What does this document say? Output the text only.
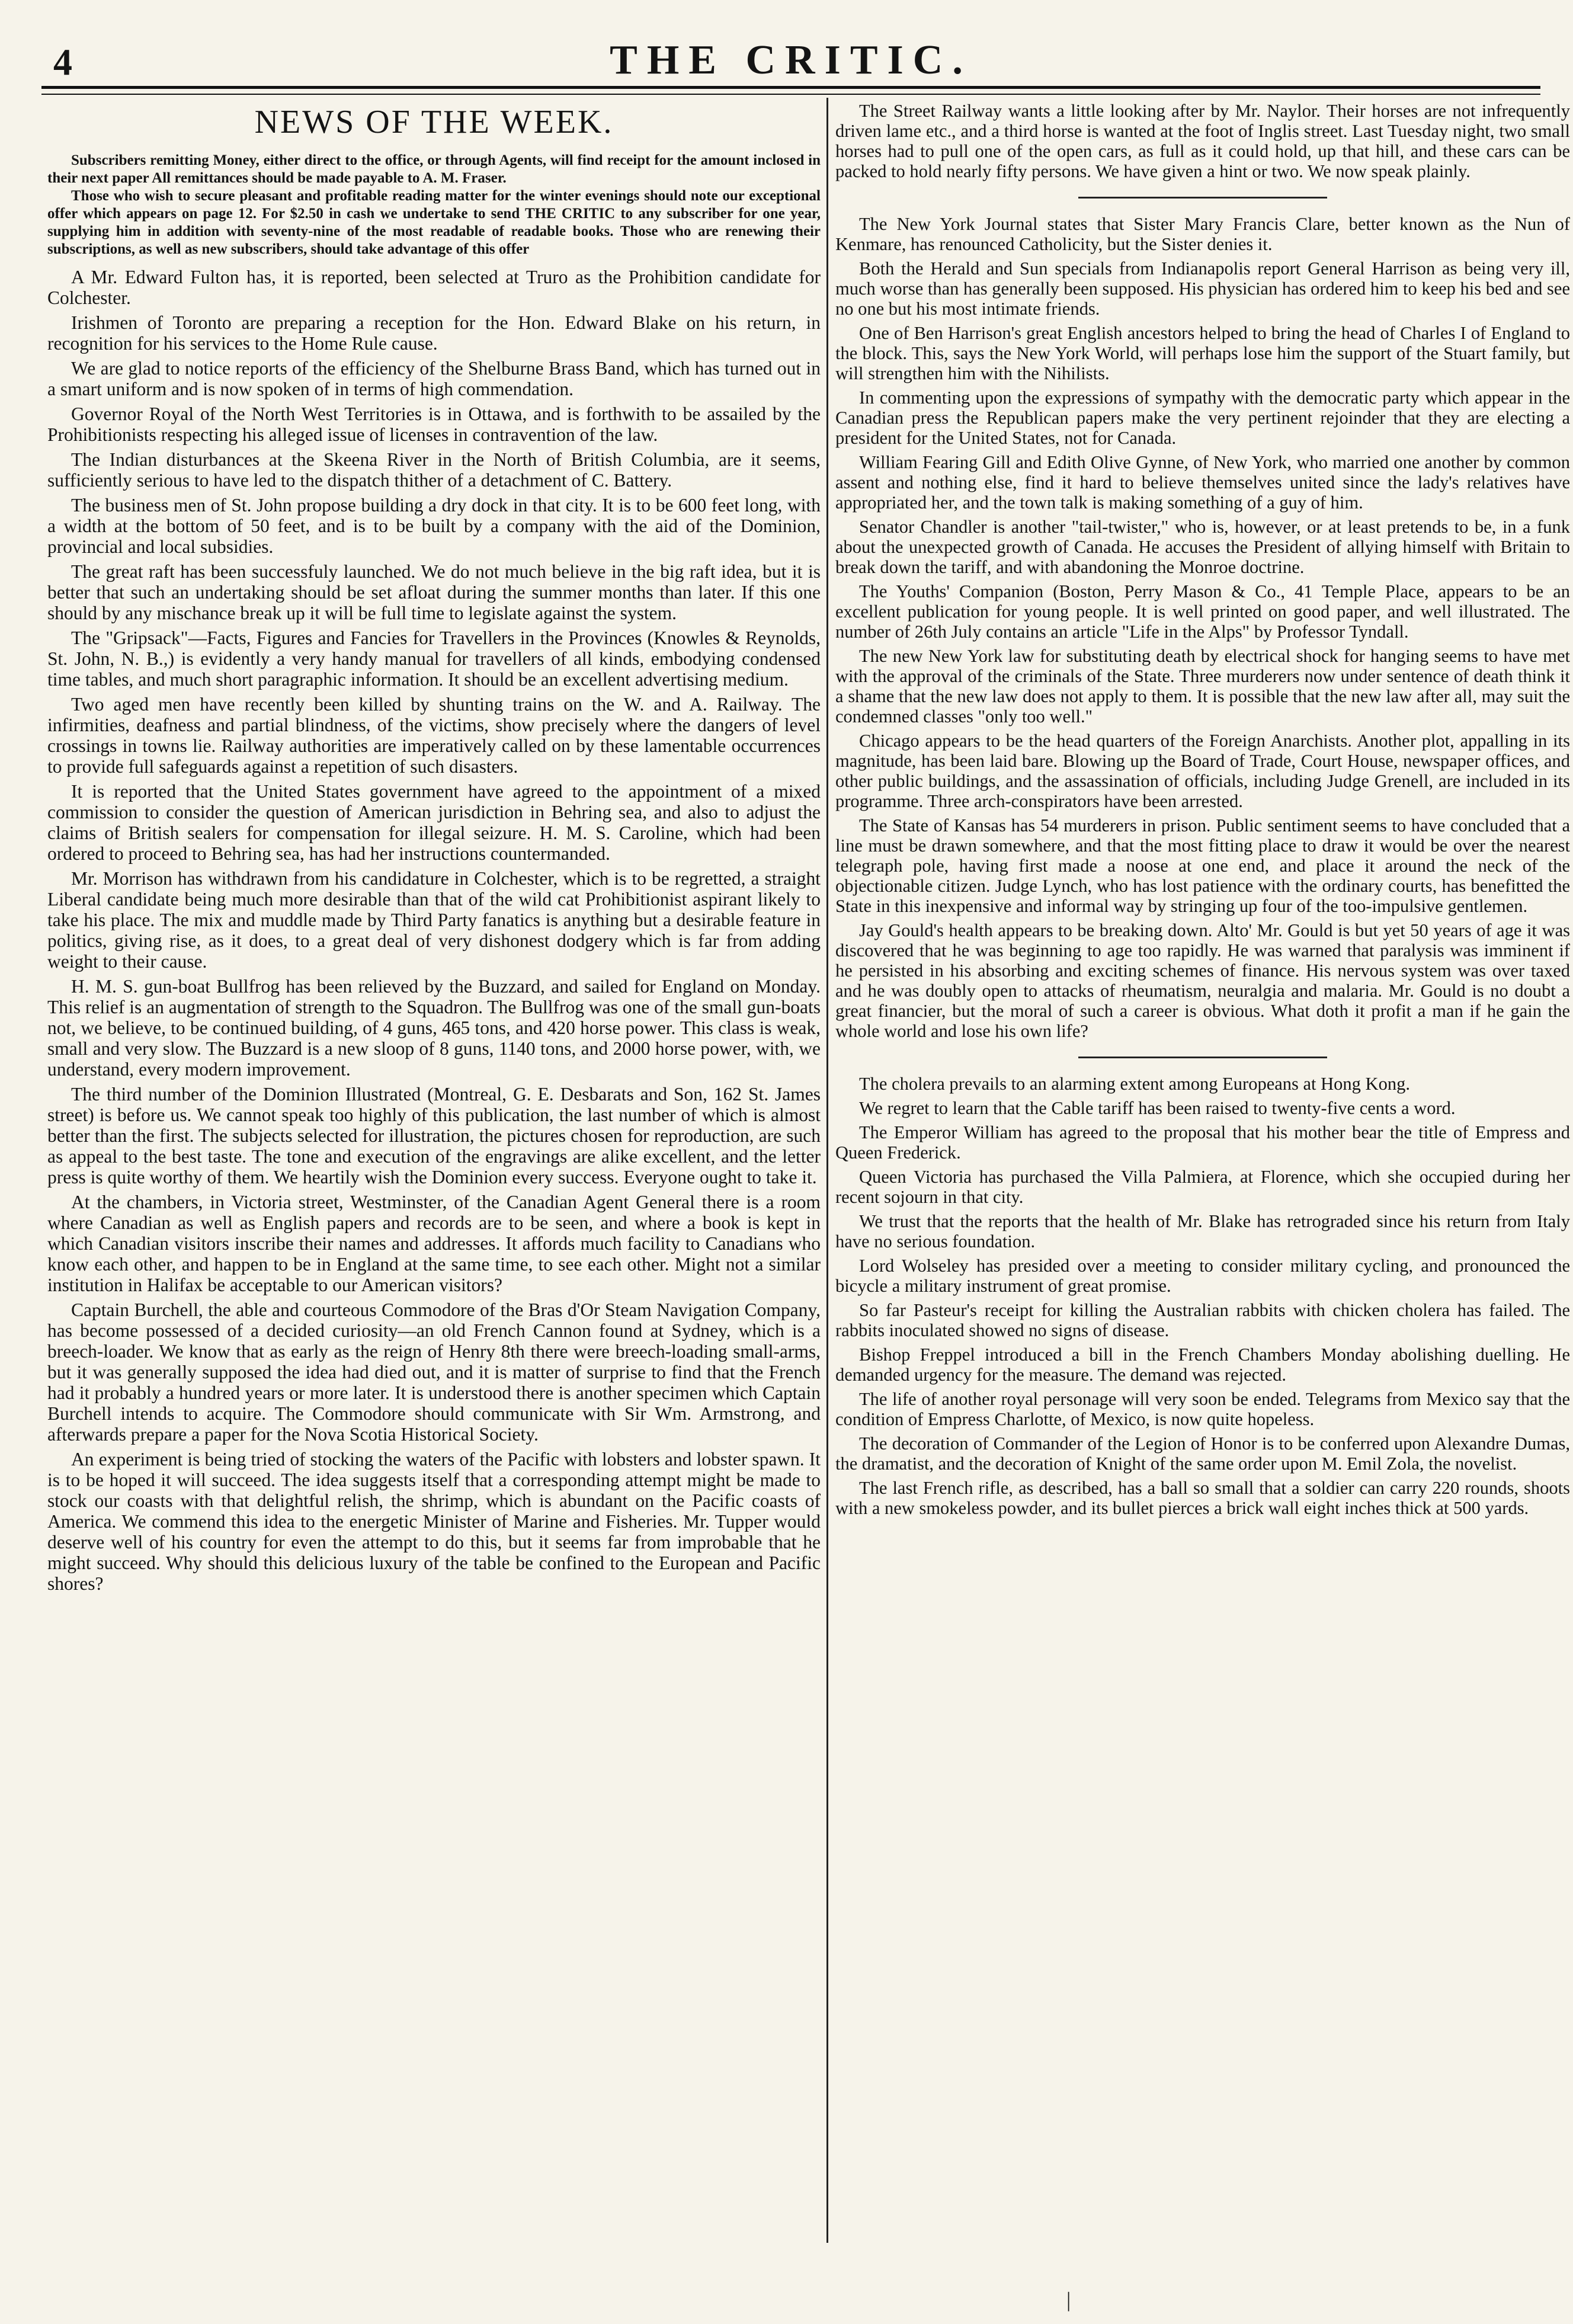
4	THE CRITIC.
NEWS OF THE WEEK.

Subscribers remitting Money, either direct to the office, or through Agents, will find receipt for the amount inclosed in their next paper All remittances should be made payable to A. M. Fraser.

Those who wish to secure pleasant and profitable reading matter for the winter evenings should note our exceptional offer which appears on page 12. For $2.50 in cash we undertake to send THE CRITIC to any subscriber for one year, supplying him in addition with seventy-nine of the most readable of readable books. Those who are renewing their subscriptions, as well as new subscribers, should take advantage of this offer

A Mr. Edward Fulton has, it is reported, been selected at Truro as the Prohibition candidate for Colchester.

Irishmen of Toronto are preparing a reception for the Hon. Edward Blake on his return, in recognition for his services to the Home Rule cause.

We are glad to notice reports of the efficiency of the Shelburne Brass Band, which has turned out in a smart uniform and is now spoken of in terms of high commendation.

Governor Royal of the North West Territories is in Ottawa, and is forthwith to be assailed by the Prohibitionists respecting his alleged issue of licenses in contravention of the law.

The Indian disturbances at the Skeena River in the North of British Columbia, are it seems, sufficiently serious to have led to the dispatch thither of a detachment of C. Battery.

The business men of St. John propose building a dry dock in that city. It is to be 600 feet long, with a width at the bottom of 50 feet, and is to be built by a company with the aid of the Dominion, provincial and local subsidies.

The great raft has been successfuly launched. We do not much believe in the big raft idea, but it is better that such an undertaking should be set afloat during the summer months than later. If this one should by any mischance break up it will be full time to legislate against the system.

The "Gripsack"—Facts, Figures and Fancies for Travellers in the Provinces (Knowles & Reynolds, St. John, N. B.,) is evidently a very handy manual for travellers of all kinds, embodying condensed time tables, and much short paragraphic information. It should be an excellent advertising medium.

Two aged men have recently been killed by shunting trains on the W. and A. Railway. The infirmities, deafness and partial blindness, of the victims, show precisely where the dangers of level crossings in towns lie. Railway authorities are imperatively called on by these lamentable occurrences to provide full safeguards against a repetition of such disasters.

It is reported that the United States government have agreed to the appointment of a mixed commission to consider the question of American jurisdiction in Behring sea, and also to adjust the claims of British sealers for compensation for illegal seizure. H. M. S. Caroline, which had been ordered to proceed to Behring sea, has had her instructions countermanded.

Mr. Morrison has withdrawn from his candidature in Colchester, which is to be regretted, a straight Liberal candidate being much more desirable than that of the wild cat Prohibitionist aspirant likely to take his place. The mix and muddle made by Third Party fanatics is anything but a desirable feature in politics, giving rise, as it does, to a great deal of very dishonest dodgery which is far from adding weight to their cause.

H. M. S. gun-boat Bullfrog has been relieved by the Buzzard, and sailed for England on Monday. This relief is an augmentation of strength to the Squadron. The Bullfrog was one of the small gun-boats not, we believe, to be continued building, of 4 guns, 465 tons, and 420 horse power. This class is weak, small and very slow. The Buzzard is a new sloop of 8 guns, 1140 tons, and 2000 horse power, with, we understand, every modern improvement.

The third number of the Dominion Illustrated (Montreal, G. E. Desbarats and Son, 162 St. James street) is before us. We cannot speak too highly of this publication, the last number of which is almost better than the first. The subjects selected for illustration, the pictures chosen for reproduction, are such as appeal to the best taste. The tone and execution of the engravings are alike excellent, and the letter press is quite worthy of them. We heartily wish the Dominion every success. Everyone ought to take it.

At the chambers, in Victoria street, Westminster, of the Canadian Agent General there is a room where Canadian as well as English papers and records are to be seen, and where a book is kept in which Canadian visitors inscribe their names and addresses. It affords much facility to Canadians who know each other, and happen to be in England at the same time, to see each other. Might not a similar institution in Halifax be acceptable to our American visitors?

Captain Burchell, the able and courteous Commodore of the Bras d'Or Steam Navigation Company, has become possessed of a decided curiosity—an old French Cannon found at Sydney, which is a breech-loader. We know that as early as the reign of Henry 8th there were breech-loading small-arms, but it was generally supposed the idea had died out, and it is matter of surprise to find that the French had it probably a hundred years or more later. It is understood there is another specimen which Captain Burchell intends to acquire. The Commodore should communicate with Sir Wm. Armstrong, and afterwards prepare a paper for the Nova Scotia Historical Society.

An experiment is being tried of stocking the waters of the Pacific with lobsters and lobster spawn. It is to be hoped it will succeed. The idea suggests itself that a corresponding attempt might be made to stock our coasts with that delightful relish, the shrimp, which is abundant on the Pacific coasts of America. We commend this idea to the energetic Minister of Marine and Fisheries. Mr. Tupper would deserve well of his country for even the attempt to do this, but it seems far from improbable that he might succeed. Why should this delicious luxury of the table be confined to the European and Pacific shores?

The Street Railway wants a little looking after by Mr. Naylor. Their horses are not infrequently driven lame etc., and a third horse is wanted at the foot of Inglis street. Last Tuesday night, two small horses had to pull one of the open cars, as full as it could hold, up that hill, and these cars can be packed to hold nearly fifty persons. We have given a hint or two. We now speak plainly.

The New York Journal states that Sister Mary Francis Clare, better known as the Nun of Kenmare, has renounced Catholicity, but the Sister denies it.

Both the Herald and Sun specials from Indianapolis report General Harrison as being very ill, much worse than has generally been supposed. His physician has ordered him to keep his bed and see no one but his most intimate friends.

One of Ben Harrison's great English ancestors helped to bring the head of Charles I of England to the block. This, says the New York World, will perhaps lose him the support of the Stuart family, but will strengthen him with the Nihilists.

In commenting upon the expressions of sympathy with the democratic party which appear in the Canadian press the Republican papers make the very pertinent rejoinder that they are electing a president for the United States, not for Canada.

William Fearing Gill and Edith Olive Gynne, of New York, who married one another by common assent and nothing else, find it hard to believe themselves united since the lady's relatives have appropriated her, and the town talk is making something of a guy of him.

Senator Chandler is another "tail-twister," who is, however, or at least pretends to be, in a funk about the unexpected growth of Canada. He accuses the President of allying himself with Britain to break down the tariff, and with abandoning the Monroe doctrine.

The Youths' Companion (Boston, Perry Mason & Co., 41 Temple Place, appears to be an excellent publication for young people. It is well printed on good paper, and well illustrated. The number of 26th July contains an article "Life in the Alps" by Professor Tyndall.

The new New York law for substituting death by electrical shock for hanging seems to have met with the approval of the criminals of the State. Three murderers now under sentence of death think it a shame that the new law does not apply to them. It is possible that the new law after all, may suit the condemned classes "only too well."

Chicago appears to be the head quarters of the Foreign Anarchists. Another plot, appalling in its magnitude, has been laid bare. Blowing up the Board of Trade, Court House, newspaper offices, and other public buildings, and the assassination of officials, including Judge Grenell, are included in its programme. Three arch-conspirators have been arrested.

The State of Kansas has 54 murderers in prison. Public sentiment seems to have concluded that a line must be drawn somewhere, and that the most fitting place to draw it would be over the nearest telegraph pole, having first made a noose at one end, and place it around the neck of the objectionable citizen. Judge Lynch, who has lost patience with the ordinary courts, has benefitted the State in this inexpensive and informal way by stringing up four of the too-impulsive gentlemen.

Jay Gould's health appears to be breaking down. Alto' Mr. Gould is but yet 50 years of age it was discovered that he was beginning to age too rapidly. He was warned that paralysis was imminent if he persisted in his absorbing and exciting schemes of finance. His nervous system was over taxed and he was doubly open to attacks of rheumatism, neuralgia and malaria. Mr. Gould is no doubt a great financier, but the moral of such a career is obvious. What doth it profit a man if he gain the whole world and lose his own life?

The cholera prevails to an alarming extent among Europeans at Hong Kong.

We regret to learn that the Cable tariff has been raised to twenty-five cents a word.

The Emperor William has agreed to the proposal that his mother bear the title of Empress and Queen Frederick.

Queen Victoria has purchased the Villa Palmiera, at Florence, which she occupied during her recent sojourn in that city.

We trust that the reports that the health of Mr. Blake has retrograded since his return from Italy have no serious foundation.

Lord Wolseley has presided over a meeting to consider military cycling, and pronounced the bicycle a military instrument of great promise.

So far Pasteur's receipt for killing the Australian rabbits with chicken cholera has failed. The rabbits inoculated showed no signs of disease.

Bishop Freppel introduced a bill in the French Chambers Monday abolishing duelling. He demanded urgency for the measure. The demand was rejected.

The life of another royal personage will very soon be ended. Telegrams from Mexico say that the condition of Empress Charlotte, of Mexico, is now quite hopeless.

The decoration of Commander of the Legion of Honor is to be conferred upon Alexandre Dumas, the dramatist, and the decoration of Knight of the same order upon M. Emil Zola, the novelist.

The last French rifle, as described, has a ball so small that a soldier can carry 220 rounds, shoots with a new smokeless powder, and its bullet pierces a brick wall eight inches thick at 500 yards.

|
